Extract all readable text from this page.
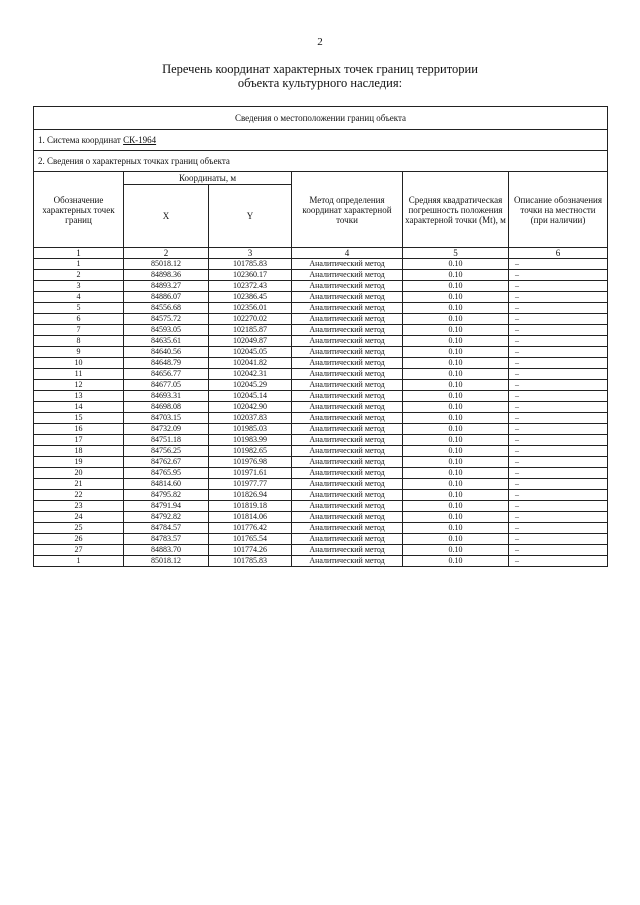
2
Перечень координат характерных точек границ территории
объекта культурного наследия:
Сведения о местоположении границ объекта					
1. Система координат СК-1964					
2. Сведения о характерных точках границ объекта					
Обозначение характерных точек границ	Координаты, м		Метод определения координат характерной точки	Средняя квадратическая погрешность положения характерной точки (Mt), м	Описание обозначения точки на местности (при наличии)
	X	Y			
1	2	3	4	5	6
1	85018.12	101785.83	Аналитический метод	0.10	–
2	84898.36	102360.17	Аналитический метод	0.10	–
3	84893.27	102372.43	Аналитический метод	0.10	–
4	84886.07	102386.45	Аналитический метод	0.10	–
5	84556.68	102356.01	Аналитический метод	0.10	–
6	84575.72	102270.02	Аналитический метод	0.10	–
7	84593.05	102185.87	Аналитический метод	0.10	–
8	84635.61	102049.87	Аналитический метод	0.10	–
9	84640.56	102045.05	Аналитический метод	0.10	–
10	84648.79	102041.82	Аналитический метод	0.10	–
11	84656.77	102042.31	Аналитический метод	0.10	–
12	84677.05	102045.29	Аналитический метод	0.10	–
13	84693.31	102045.14	Аналитический метод	0.10	–
14	84698.08	102042.90	Аналитический метод	0.10	–
15	84703.15	102037.83	Аналитический метод	0.10	–
16	84732.09	101985.03	Аналитический метод	0.10	–
17	84751.18	101983.99	Аналитический метод	0.10	–
18	84756.25	101982.65	Аналитический метод	0.10	–
19	84762.67	101976.98	Аналитический метод	0.10	–
20	84765.95	101971.61	Аналитический метод	0.10	–
21	84814.60	101977.77	Аналитический метод	0.10	–
22	84795.82	101826.94	Аналитический метод	0.10	–
23	84791.94	101819.18	Аналитический метод	0.10	–
24	84792.82	101814.06	Аналитический метод	0.10	–
25	84784.57	101776.42	Аналитический метод	0.10	–
26	84783.57	101765.54	Аналитический метод	0.10	–
27	84883.70	101774.26	Аналитический метод	0.10	–
1	85018.12	101785.83	Аналитический метод	0.10	–
